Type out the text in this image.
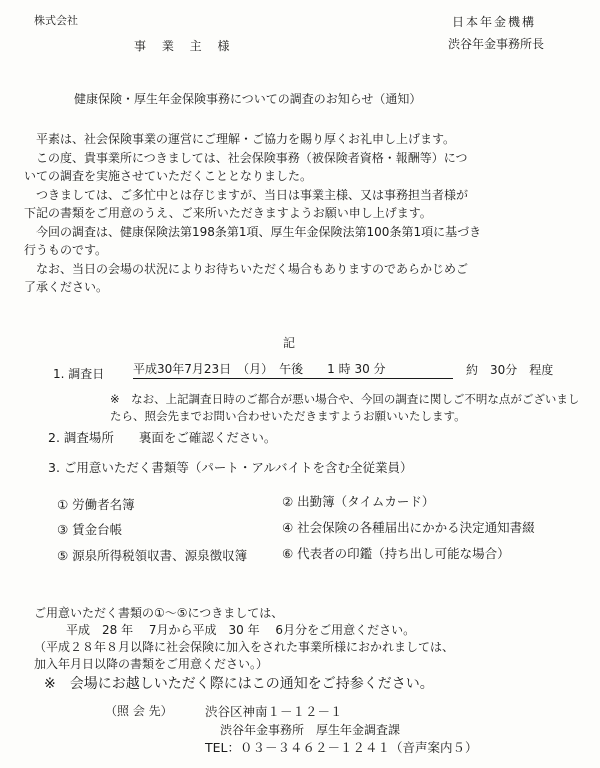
株式会社
事 業 主 様
日本年金機構
渋谷年金事務所長
健康保険・厚生年金保険事務についての調査のお知らせ（通知）

平素は、社会保険事業の運営にご理解・ご協力を賜り厚くお礼申し上げます。

この度、貴事業所につきましては、社会保険事務（被保険者資格・報酬等）につ

いての調査を実施させていただくこととなりました。

つきましては、ご多忙中とは存じますが、当日は事業主様、又は事務担当者様が

下記の書類をご用意のうえ、ご来所いただきますようお願い申し上げます。

今回の調査は、健康保険法第198条第1項、厚生年金保険法第100条第1項に基づき

行うものです。

なお、当日の会場の状況によりお待ちいただく場合もありますのであらかじめご

了承ください。

記
1. 調査日 平成30年7月23日　（月）　午後　　1 時 30 分	約　30分　程度
※　なお、上記調査日時のご都合が悪い場合や、今回の調査に関しご不明な点がございましたら、照会先までお問い合わせいただきますようお願いいたします。
2. 調査場所　　裏面をご確認ください。
3. ご用意いただく書類等（パート・アルバイトを含む全従業員）
① 労働者名簿	② 出勤簿（タイムカード）
③ 賃金台帳	④ 社会保険の各種届出にかかる決定通知書綴
⑤ 源泉所得税領収書、源泉徴収簿	⑥ 代表者の印鑑（持ち出し可能な場合）

ご用意いただく書類の①～⑤につきましては、

平成　28 年　 7月から平成　30 年　 6月分をご用意ください。

（平成２８年８月以降に社会保険に加入をされた事業所様におかれましては、

加入年月日以降の書類をご用意ください。）

※　会場にお越しいただく際にはこの通知をご持参ください。

（照 会 先）	渋谷区神南１－１２－１
渋谷年金事務所　厚生年金調査課
TEL：０３－３４６２－１２４１（音声案内５）
